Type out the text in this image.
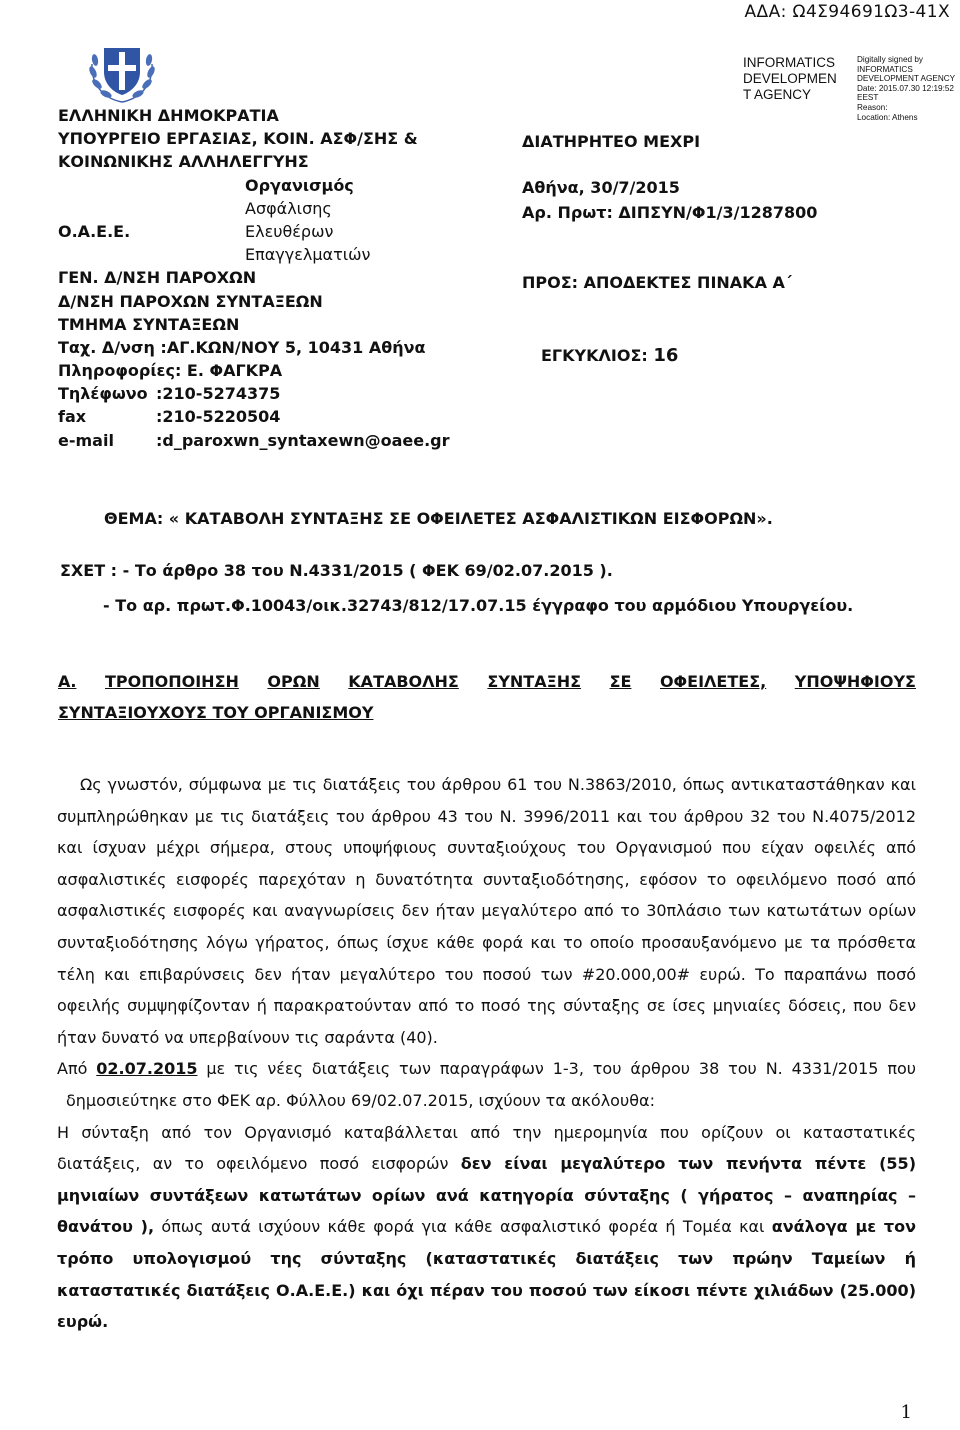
ΑΔΑ: Ω4Σ94691Ω3-41Χ
ΕΛΛΗΝΙΚΗ ΔΗΜΟΚΡΑΤΙΑ
ΥΠΟΥΡΓΕΙΟ ΕΡΓΑΣΙΑΣ, ΚΟΙΝ. ΑΣΦ/ΣΗΣ &
ΚΟΙΝΩΝΙΚΗΣ ΑΛΛΗΛΕΓΓΥΗΣ
Οργανισμός
Ασφάλισης
Ο.Α.Ε.Ε.	Ελευθέρων
Επαγγελματιών
ΓΕΝ. Δ/ΝΣΗ ΠΑΡΟΧΩΝ
Δ/ΝΣΗ ΠΑΡΟΧΩΝ ΣΥΝΤΑΞΕΩΝ
ΤΜΗΜΑ ΣΥΝΤΑΞΕΩΝ
Ταχ. Δ/νση :ΑΓ.ΚΩΝ/ΝΟΥ 5, 10431 Αθήνα
Πληροφορίες: Ε. ΦΑΓΚΡΑ
Τηλέφωνο :210-5274375
fax	:210-5220504
e-mail	:d_paroxwn_syntaxewn@oaee.gr
INFORMATICS
DEVELOPMEN
T AGENCY
Digitally signed by
INFORMATICS
DEVELOPMENT AGENCY
Date: 2015.07.30 12:19:52
EEST
Reason:
Location: Athens
ΔΙΑΤΗΡΗΤΕΟ ΜΕΧΡΙ
Αθήνα, 30/7/2015
Αρ. Πρωτ: ΔΙΠΣΥΝ/Φ1/3/1287800
ΠΡΟΣ: ΑΠΟΔΕΚΤΕΣ ΠΙΝΑΚΑ Α΄
ΕΓΚΥΚΛΙΟΣ: 16
ΘΕΜΑ: « ΚΑΤΑΒΟΛΗ ΣΥΝΤΑΞΗΣ ΣΕ ΟΦΕΙΛΕΤΕΣ ΑΣΦΑΛΙΣΤΙΚΩΝ ΕΙΣΦΟΡΩΝ».
ΣΧΕΤ : - Το άρθρο 38 του Ν.4331/2015 ( ΦΕΚ 69/02.07.2015 ).
- Το αρ. πρωτ.Φ.10043/οικ.32743/812/17.07.15 έγγραφο του αρμόδιου Υπουργείου.
Α. ΤΡΟΠΟΠΟΙΗΣΗ ΟΡΩΝ ΚΑΤΑΒΟΛΗΣ ΣΥΝΤΑΞΗΣ ΣΕ ΟΦΕΙΛΕΤΕΣ, ΥΠΟΨΗΦΙΟΥΣ
ΣΥΝΤΑΞΙΟΥΧΟΥΣ ΤΟΥ ΟΡΓΑΝΙΣΜΟΥ

Ως γνωστόν, σύμφωνα με τις διατάξεις του άρθρου 61 του Ν.3863/2010, όπως αντικαταστάθηκαν και συμπληρώθηκαν με τις διατάξεις του άρθρου 43 του Ν. 3996/2011 και του άρθρου 32 του Ν.4075/2012 και ίσχυαν μέχρι σήμερα, στους υποψήφιους συνταξιούχους του Οργανισμού που είχαν οφειλές από ασφαλιστικές εισφορές παρεχόταν η δυνατότητα συνταξιοδότησης, εφόσον το οφειλόμενο ποσό από ασφαλιστικές εισφορές και αναγνωρίσεις δεν ήταν μεγαλύτερο από το 30πλάσιο των κατωτάτων ορίων συνταξιοδότησης λόγω γήρατος, όπως ίσχυε κάθε φορά και το οποίο προσαυξανόμενο με τα πρόσθετα τέλη και επιβαρύνσεις δεν ήταν μεγαλύτερο του ποσού των #20.000,00# ευρώ. Το παραπάνω ποσό οφειλής συμψηφίζονταν ή παρακρατούνταν από το ποσό της σύνταξης σε ίσες μηνιαίες δόσεις, που δεν ήταν δυνατό να υπερβαίνουν τις σαράντα (40).

Από 02.07.2015 με τις νέες διατάξεις των παραγράφων 1-3, του άρθρου 38 του Ν. 4331/2015 που δημοσιεύτηκε στο ΦΕΚ αρ. Φύλλου 69/02.07.2015, ισχύουν τα ακόλουθα:

Η σύνταξη από τον Οργανισμό καταβάλλεται από την ημερομηνία που ορίζουν οι καταστατικές διατάξεις, αν το οφειλόμενο ποσό εισφορών δεν είναι μεγαλύτερο των πενήντα πέντε (55) μηνιαίων συντάξεων κατωτάτων ορίων ανά κατηγορία σύνταξης ( γήρατος – αναπηρίας – θανάτου ), όπως αυτά ισχύουν κάθε φορά για κάθε ασφαλιστικό φορέα ή Τομέα και ανάλογα με τον τρόπο υπολογισμού της σύνταξης (καταστατικές διατάξεις των πρώην Ταμείων ή καταστατικές διατάξεις Ο.Α.Ε.Ε.) και όχι πέραν του ποσού των είκοσι πέντε χιλιάδων (25.000) ευρώ.

1
